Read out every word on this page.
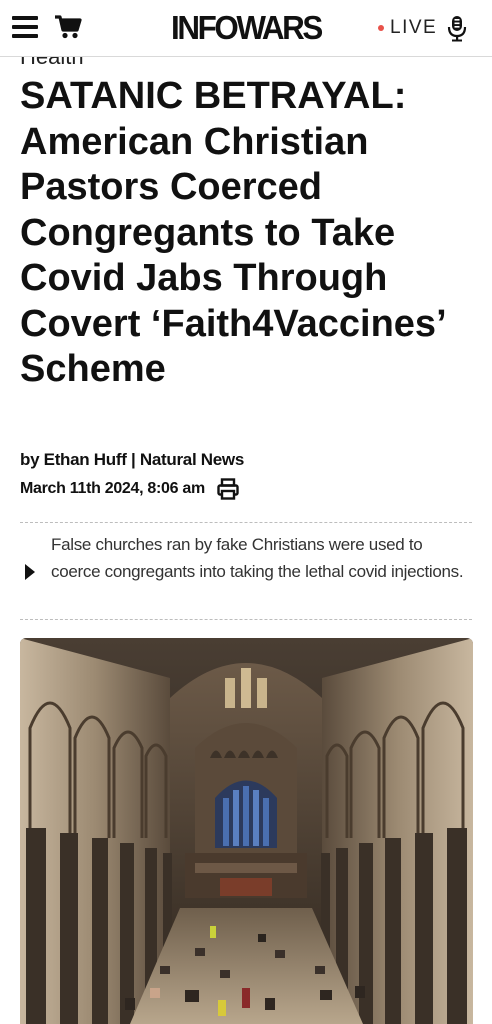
INFOWARS	LIVE
SATANIC BETRAYAL: American Christian Pastors Coerced Congregants to Take Covid Jabs Through Covert ‘Faith4Vaccines’ Scheme
by Ethan Huff | Natural News
March 11th 2024, 8:06 am
False churches ran by fake Christians were used to coerce congregants into taking the lethal covid injections.
